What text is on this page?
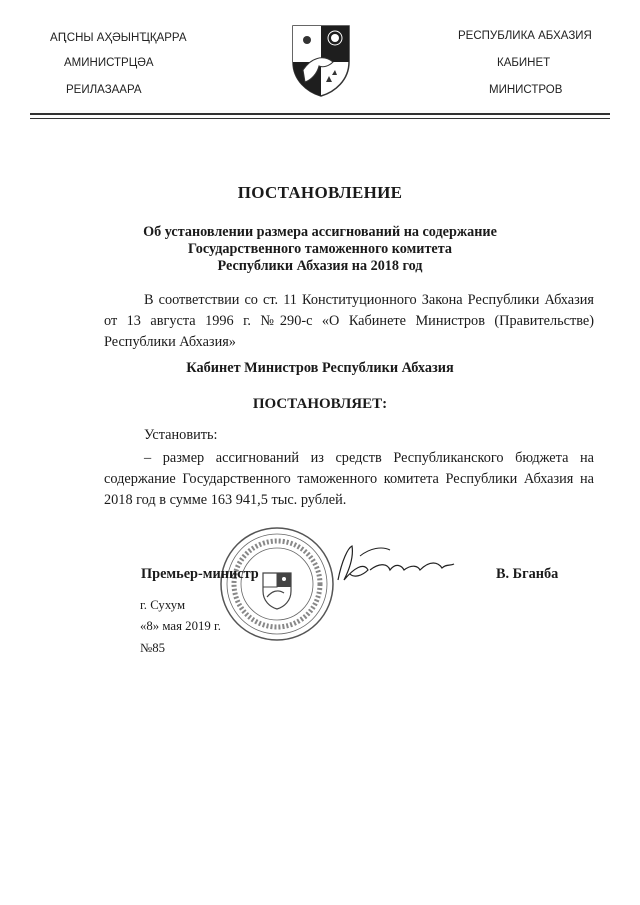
АԤСНЫ АҲӘЫНҴҚАРРА
АМИНИСТРЦӘА
РЕИЛАЗААРА
РЕСПУБЛИКА АБХАЗИЯ
КАБИНЕТ
МИНИСТРОВ
ПОСТАНОВЛЕНИЕ
Об установлении размера ассигнований на содержание
Государственного таможенного комитета
Республики Абхазия на 2018 год
В соответствии со ст. 11 Конституционного Закона Республики Абхазия от 13 августа 1996 г. №290-с «О Кабинете Министров (Правительстве) Республики Абхазия»
Кабинет Министров Республики Абхазия
ПОСТАНОВЛЯЕТ:
Установить:
– размер ассигнований из средств Республиканского бюджета на содержание Государственного таможенного комитета Республики Абхазия на 2018 год в сумме 163 941,5 тыс. рублей.
Премьер-министр	В. Бганба
г. Сухум
«8» мая 2019 г.
№85
